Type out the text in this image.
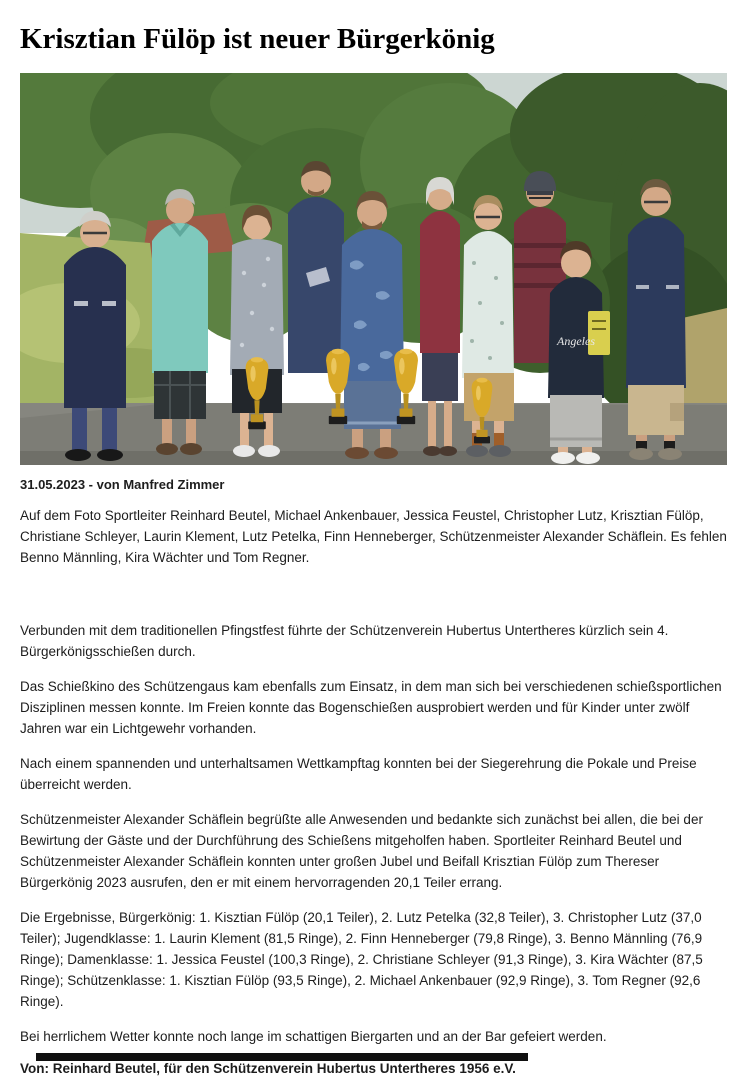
Krisztian Fülöp ist neuer Bürgerkönig
Angeles
31.05.2023 - von Manfred Zimmer

Auf dem Foto Sportleiter Reinhard Beutel, Michael Ankenbauer, Jessica Feustel, Christopher Lutz, Krisztian Fülöp, Christiane Schleyer, Laurin Klement, Lutz Petelka, Finn Henneberger, Schützenmeister Alexander Schäflein. Es fehlen Benno Männling, Kira Wächter und Tom Regner.

Verbunden mit dem traditionellen Pfingstfest führte der Schützenverein Hubertus Untertheres kürzlich sein 4. Bürgerkönigsschießen durch.

Das Schießkino des Schützengaus kam ebenfalls zum Einsatz, in dem man sich bei verschiedenen schießsportlichen Disziplinen messen konnte. Im Freien konnte das Bogenschießen ausprobiert werden und für Kinder unter zwölf Jahren war ein Lichtgewehr vorhanden.

Nach einem spannenden und unterhaltsamen Wettkampftag konnten bei der Siegerehrung die Pokale und Preise überreicht werden.

Schützenmeister Alexander Schäflein begrüßte alle Anwesenden und bedankte sich zunächst bei allen, die bei der Bewirtung der Gäste und der Durchführung des Schießens mitgeholfen haben. Sportleiter Reinhard Beutel und Schützenmeister Alexander Schäflein konnten unter großen Jubel und Beifall Krisztian Fülöp zum Thereser Bürgerkönig 2023 ausrufen, den er mit einem hervorragenden 20,1 Teiler errang.

Die Ergebnisse, Bürgerkönig: 1. Kisztian Fülöp (20,1 Teiler), 2. Lutz Petelka (32,8 Teiler), 3. Christopher Lutz (37,0 Teiler); Jugendklasse: 1. Laurin Klement (81,5 Ringe), 2. Finn Henneberger (79,8 Ringe), 3. Benno Männling (76,9 Ringe); Damenklasse: 1. Jessica Feustel (100,3 Ringe), 2. Christiane Schleyer (91,3 Ringe), 3. Kira Wächter (87,5 Ringe); Schützenklasse: 1. Kisztian Fülöp (93,5 Ringe), 2. Michael Ankenbauer (92,9 Ringe), 3. Tom Regner (92,6 Ringe).

Bei herrlichem Wetter konnte noch lange im schattigen Biergarten und an der Bar gefeiert werden.

Von: Reinhard Beutel, für den Schützenverein Hubertus Untertheres 1956 e.V.
